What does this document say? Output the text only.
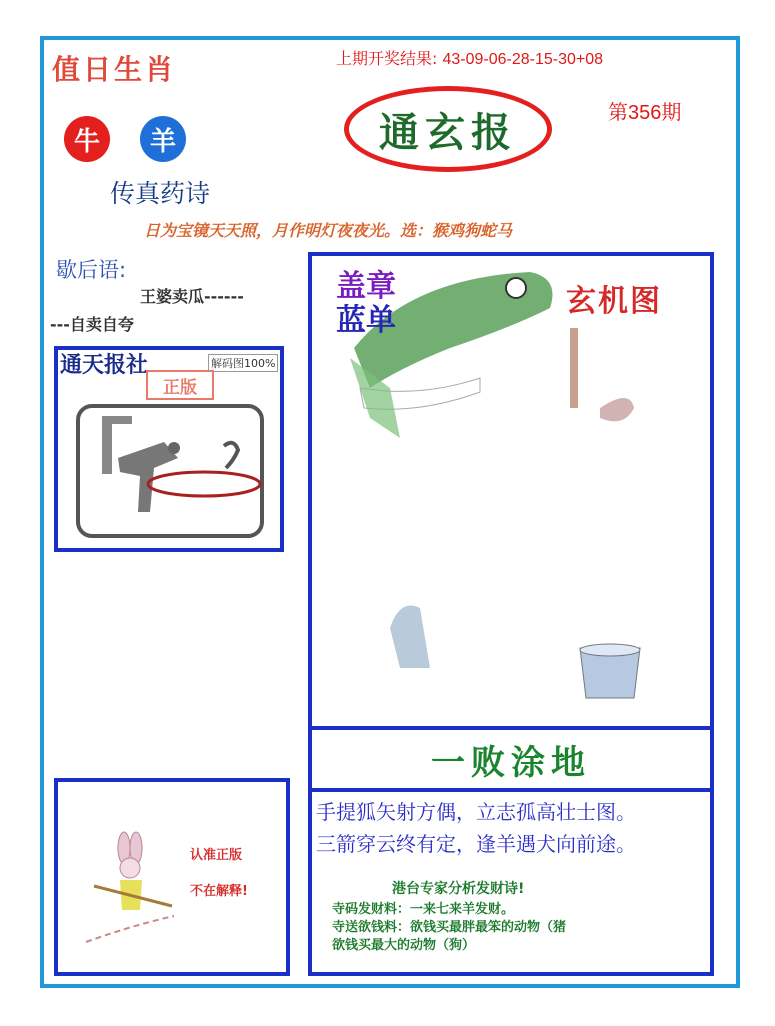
值日生肖	上期开奖结果: 43-09-06-28-15-30+08
第356期
牛	羊
传真药诗
通玄报
日为宝镜天天照，月作明灯夜夜光。选：猴鸡狗蛇马
歇后语:
王婆卖瓜------
---自卖自夸
通天报社	解码图100%
正版
盖章
蓝单
玄机图
一败涂地
手提狐矢射方偶，立志孤高壮士图。
三箭穿云终有定，逢羊遇犬向前途。
港台专家分析发财诗!
寺码发财料：一来七来羊发财。
寺送欲钱料：欲钱买最胖最笨的动物（猪
欲钱买最大的动物（狗）
认准正版
不在解释!
